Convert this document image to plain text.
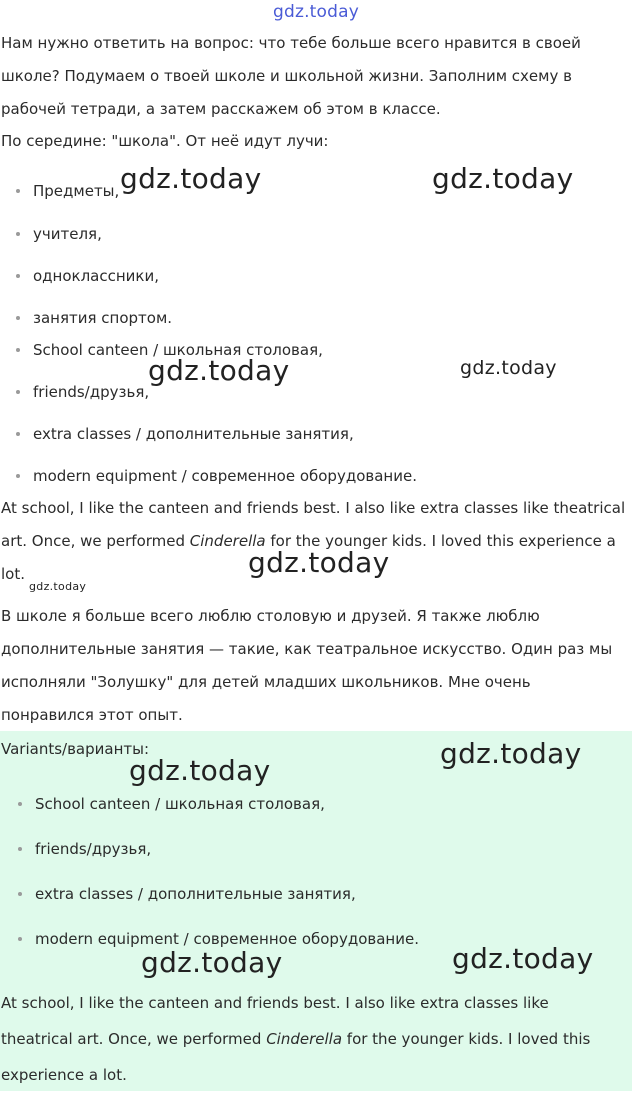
gdz.today

Нам нужно ответить на вопрос: что тебе больше всего нравится в своей школе? Подумаем о твоей школе и школьной жизни. Заполним схему в рабочей тетради, а затем расскажем об этом в классе.

По середине: "школа". От неё идут лучи:

Предметы,
учителя,
одноклассники,
занятия спортом.
School canteen / школьная столовая,
friends/друзья,
extra classes / дополнительные занятия,
modern equipment / современное оборудование.

At school, I like the canteen and friends best. I also like extra classes like theatrical art. Once, we performed Cinderella for the younger kids. I loved this experience a lot.

В школе я больше всего люблю столовую и друзей. Я также люблю дополнительные занятия — такие, как театральное искусство. Один раз мы исполняли "Золушку" для детей младших школьников. Мне очень понравился этот опыт.

Variants/варианты:

School canteen / школьная столовая,
friends/друзья,
extra classes / дополнительные занятия,
modern equipment / современное оборудование.

At school, I like the canteen and friends best. I also like extra classes like theatrical art. Once, we performed Cinderella for the younger kids. I loved this experience a lot.

gdz.today	gdz.today
gdz.today	gdz.today
gdz.today
gdz.today
gdz.today
gdz.today
gdz.today	gdz.today
